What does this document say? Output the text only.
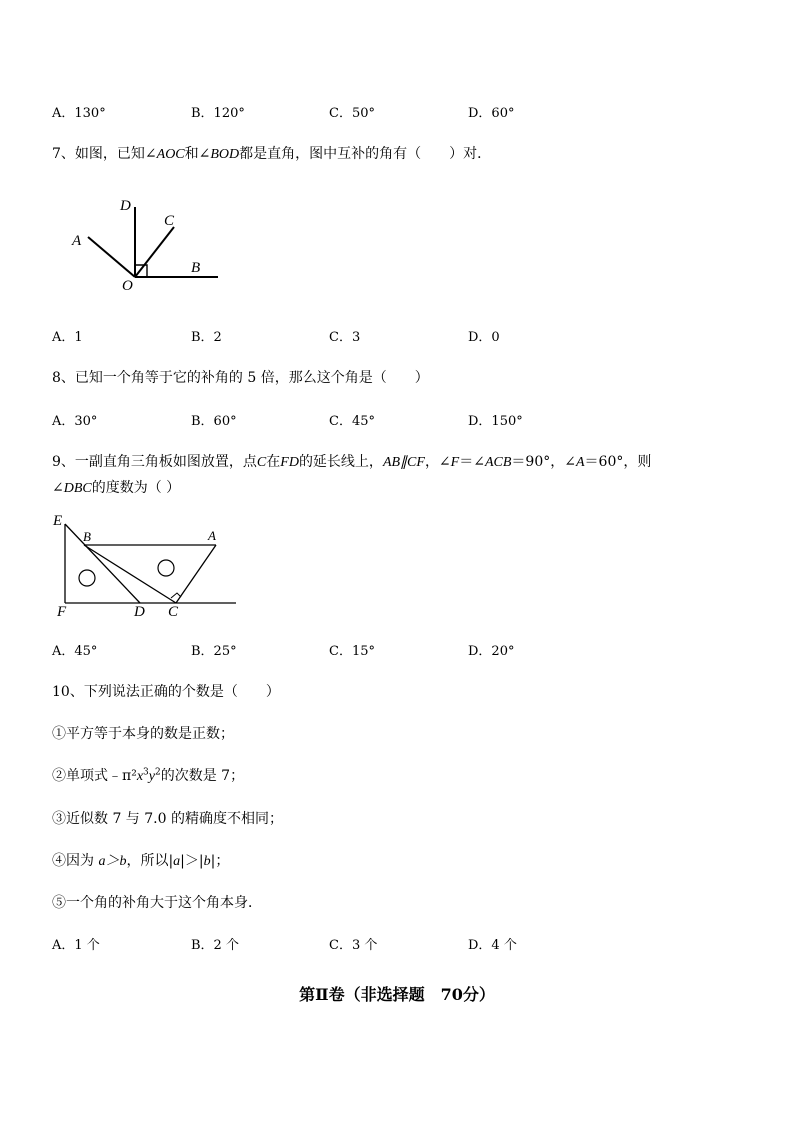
A．130°	B．120°	C．50°	D．60°
7、如图，已知∠AOC和∠BOD都是直角，图中互补的角有（　　）对．
D
C
A
B
O
A．1	B．2	C．3	D．0
8、已知一个角等于它的补角的 5 倍，那么这个角是（　　）
A．30°	B．60°	C．45°	D．150°
9、一副直角三角板如图放置，点C在FD的延长线上，AB∥CF，∠F＝∠ACB＝90°，∠A＝60°，则
∠DBC的度数为（ ）
E
B	A
F	D C
A．45°	B．25°	C．15°	D．20°
10、下列说法正确的个数是（　　）
①平方等于本身的数是正数；
②单项式$﹣\pi^2x^3y^2$的次数是 7；
③近似数 7 与 7.0 的精确度不相同；
④因为 a＞b，所以|a|＞|b|；
⑤一个角的补角大于这个角本身．
A．1 个	B．2 个	C．3 个	D．4 个
第Ⅱ卷（非选择题　70分）
